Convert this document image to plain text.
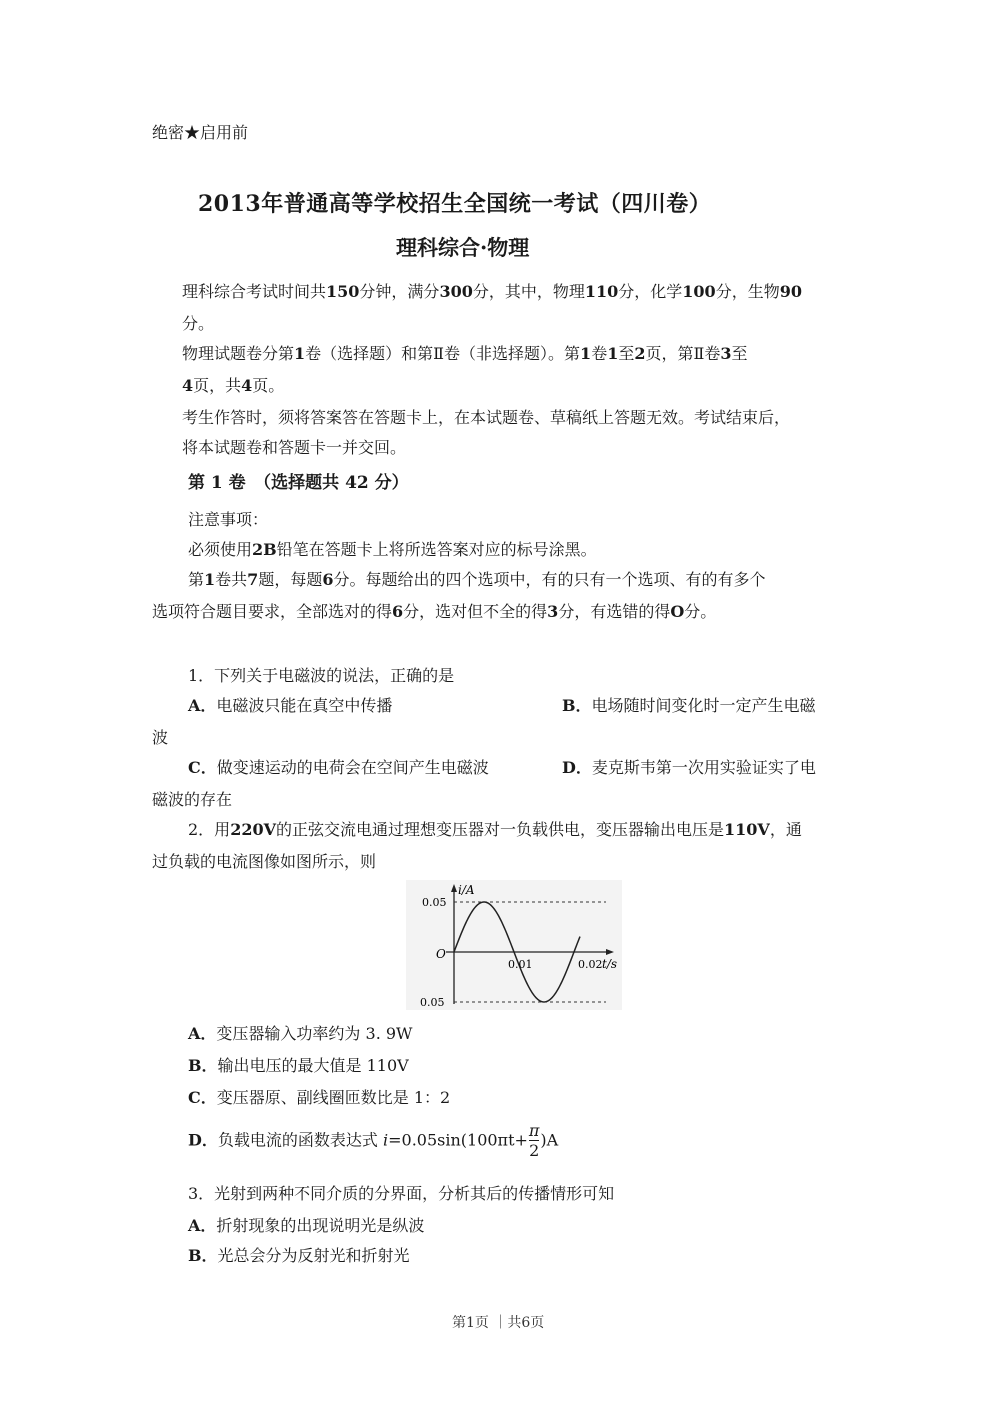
绝密★启用前
2013年普通高等学校招生全国统一考试（四川卷）
理科综合·物理
理科综合考试时间共150分钟，满分300分，其中，物理110分，化学100分，生物90
分。
物理试题卷分第1卷（选择题）和第Ⅱ卷（非选择题）。第1卷1至2页，第Ⅱ卷3至
4页，共4页。
考生作答时，须将答案答在答题卡上，在本试题卷、草稿纸上答题无效。考试结束后，
将本试题卷和答题卡一并交回。
第 1 卷　（选择题共 42 分）
注意事项：
必须使用2B铅笔在答题卡上将所选答案对应的标号涂黑。
第1卷共7题，每题6分。每题给出的四个选项中，有的只有一个选项、有的有多个
选项符合题目要求，全部选对的得6分，选对但不全的得3分，有选错的得O分。
1．下列关于电磁波的说法，正确的是
A．电磁波只能在真空中传播	B．电场随时间变化时一定产生电磁
波
C．做变速运动的电荷会在空间产生电磁波	D．麦克斯韦第一次用实验证实了电
磁波的存在
2．用220V的正弦交流电通过理想变压器对一负载供电，变压器输出电压是110V，通
过负载的电流图像如图所示，则
i/A
t/s
O
0.05
0.05
0.01	0.02
A．变压器输入功率约为 3. 9W
B．输出电压的最大值是 110V
C．变压器原、副线圈匝数比是 1：2
D．负载电流的函数表达式 $i=0.05\sin(100\pi t+ \frac{\pi}{2} )A$
3．光射到两种不同介质的分界面，分析其后的传播情形可知
A．折射现象的出现说明光是纵波
B．光总会分为反射光和折射光
第1页 ｜共6页
